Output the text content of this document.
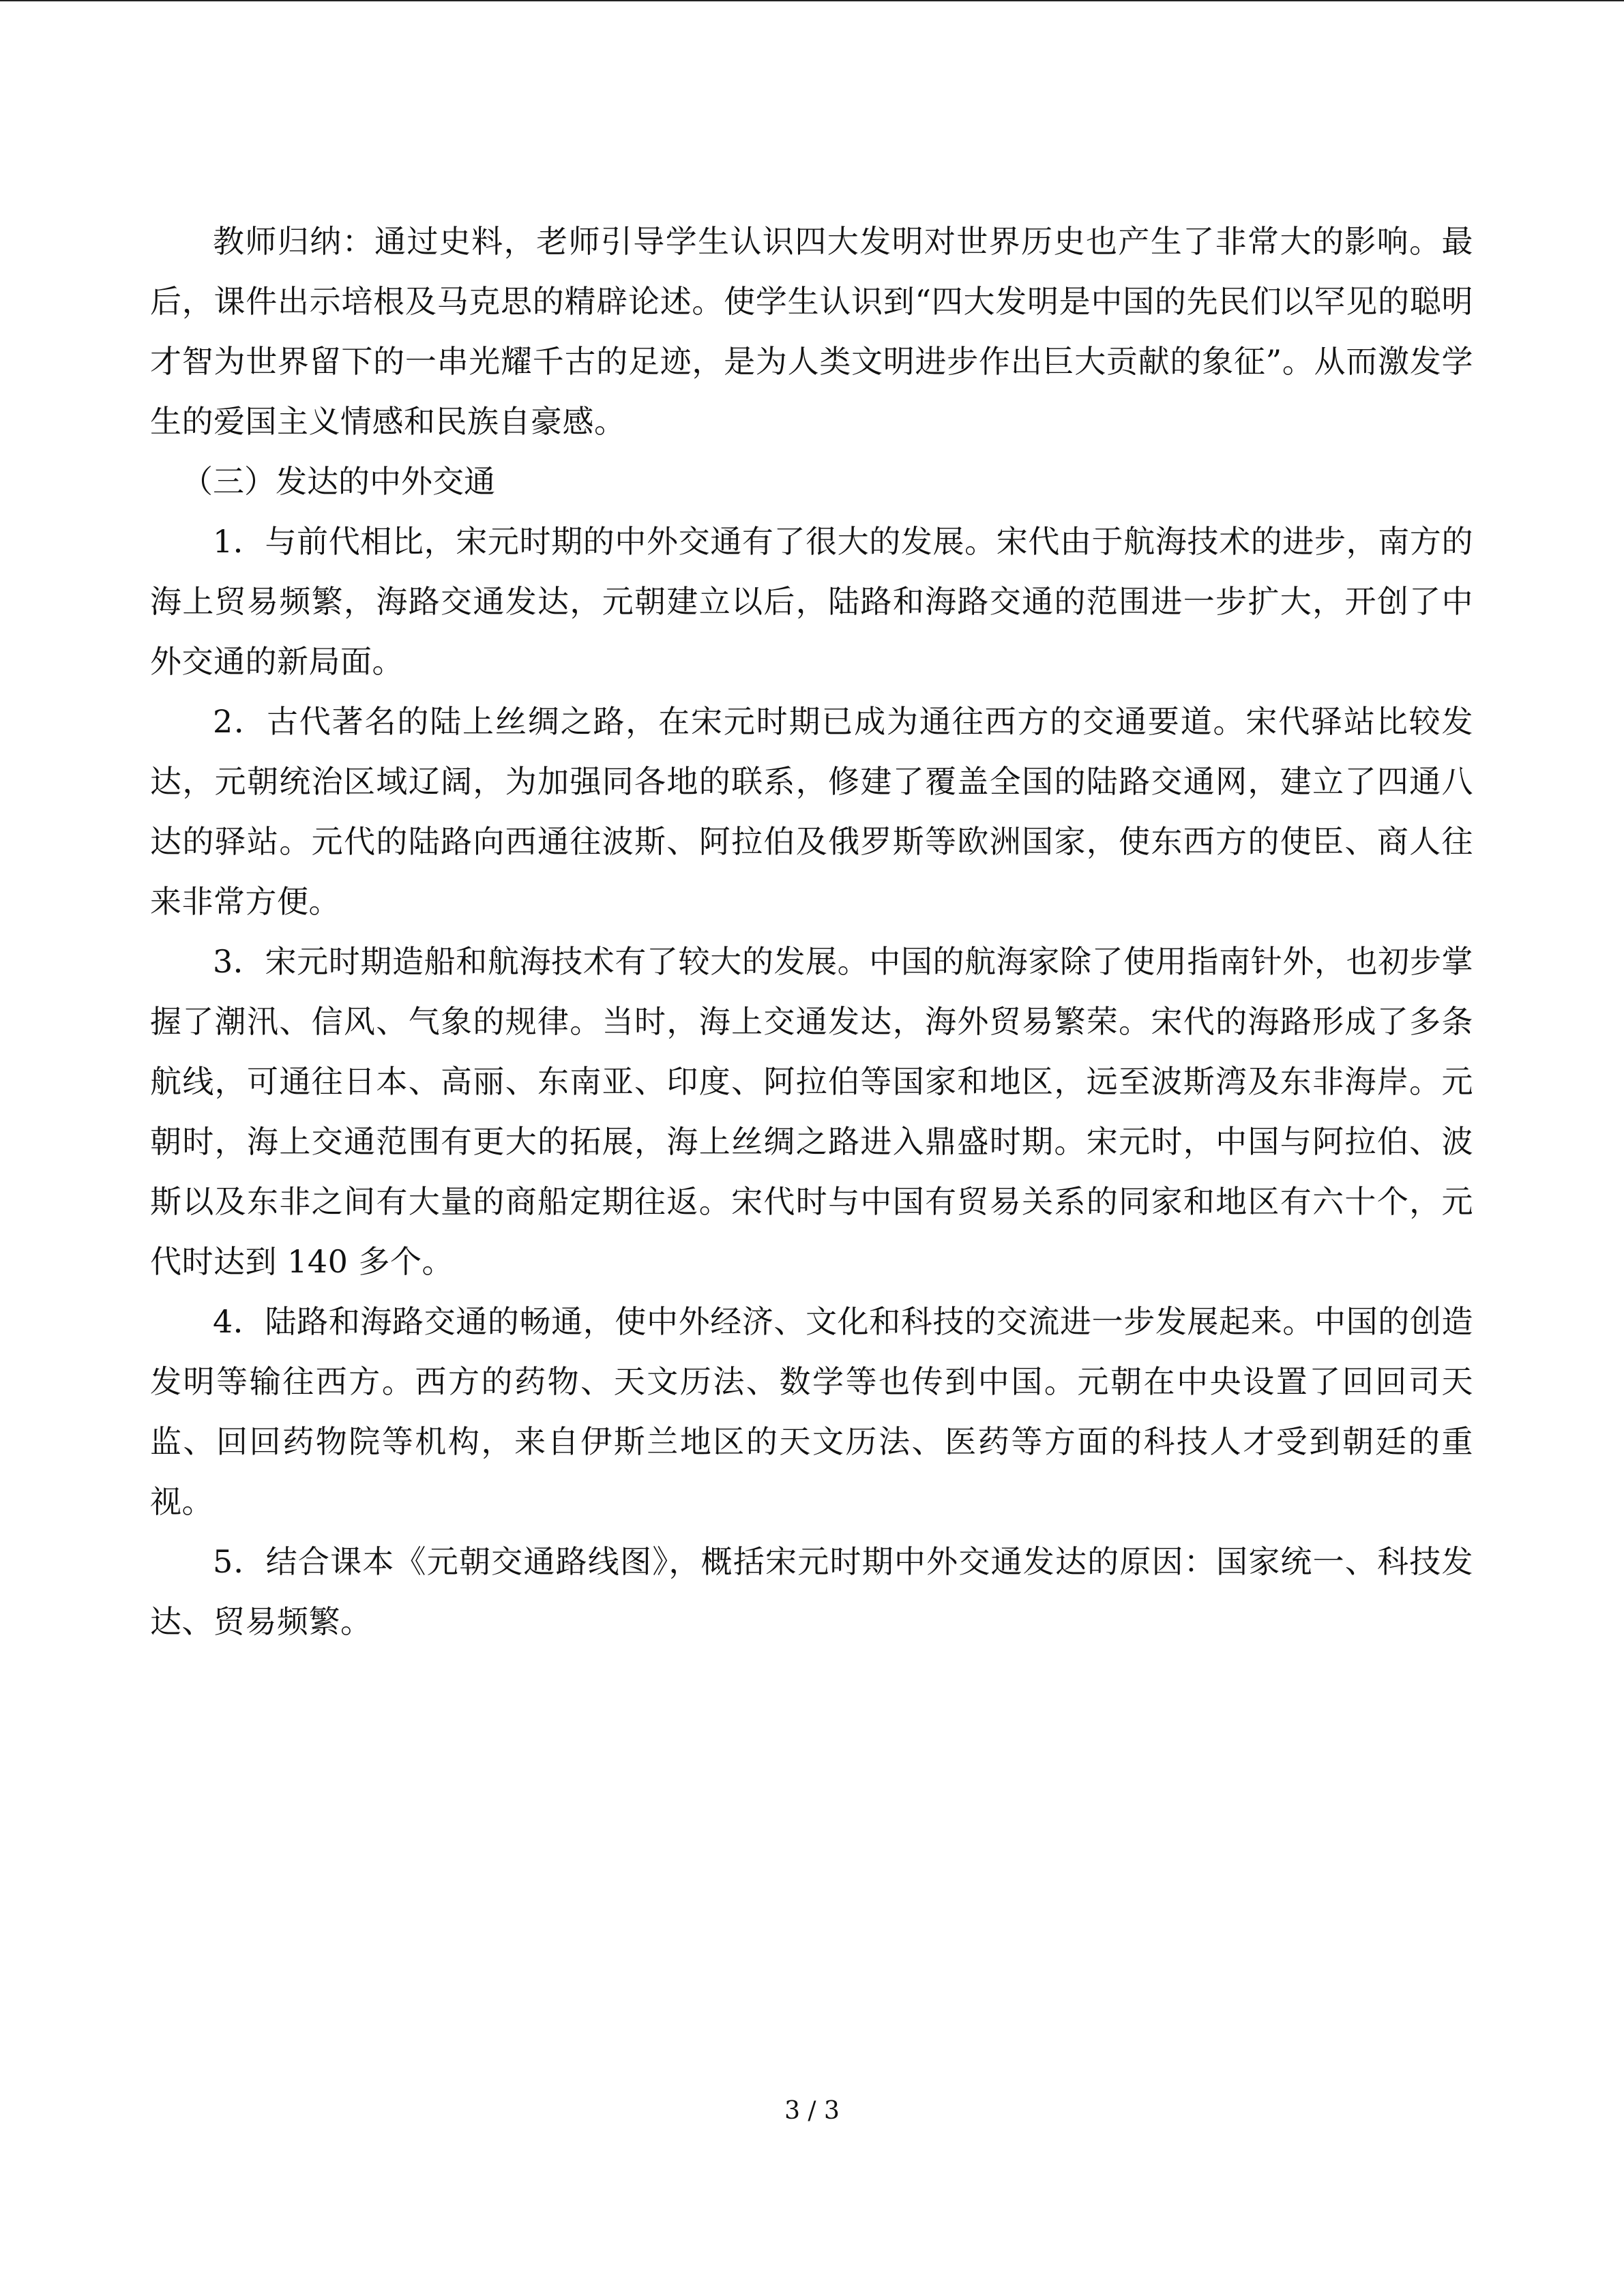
教师归纳：通过史料，老师引导学生认识四大发明对世界历史也产生了非常大的影响。最后，课件出示培根及马克思的精辟论述。使学生认识到“四大发明是中国的先民们以罕见的聪明才智为世界留下的一串光耀千古的足迹，是为人类文明进步作出巨大贡献的象征”。从而激发学生的爱国主义情感和民族自豪感。

（三）发达的中外交通

1．与前代相比，宋元时期的中外交通有了很大的发展。宋代由于航海技术的进步，南方的海上贸易频繁，海路交通发达，元朝建立以后，陆路和海路交通的范围进一步扩大，开创了中外交通的新局面。

2．古代著名的陆上丝绸之路，在宋元时期已成为通往西方的交通要道。宋代驿站比较发达，元朝统治区域辽阔，为加强同各地的联系，修建了覆盖全国的陆路交通网，建立了四通八达的驿站。元代的陆路向西通往波斯、阿拉伯及俄罗斯等欧洲国家，使东西方的使臣、商人往来非常方便。

3．宋元时期造船和航海技术有了较大的发展。中国的航海家除了使用指南针外，也初步掌握了潮汛、信风、气象的规律。当时，海上交通发达，海外贸易繁荣。宋代的海路形成了多条航线，可通往日本、高丽、东南亚、印度、阿拉伯等国家和地区，远至波斯湾及东非海岸。元朝时，海上交通范围有更大的拓展，海上丝绸之路进入鼎盛时期。宋元时，中国与阿拉伯、波斯以及东非之间有大量的商船定期往返。宋代时与中国有贸易关系的同家和地区有六十个，元代时达到 140 多个。

4．陆路和海路交通的畅通，使中外经济、文化和科技的交流进一步发展起来。中国的创造发明等输往西方。西方的药物、天文历法、数学等也传到中国。元朝在中央设置了回回司天监、回回药物院等机构，来自伊斯兰地区的天文历法、医药等方面的科技人才受到朝廷的重视。

5．结合课本《元朝交通路线图》，概括宋元时期中外交通发达的原因：国家统一、科技发达、贸易频繁。

3 / 3
